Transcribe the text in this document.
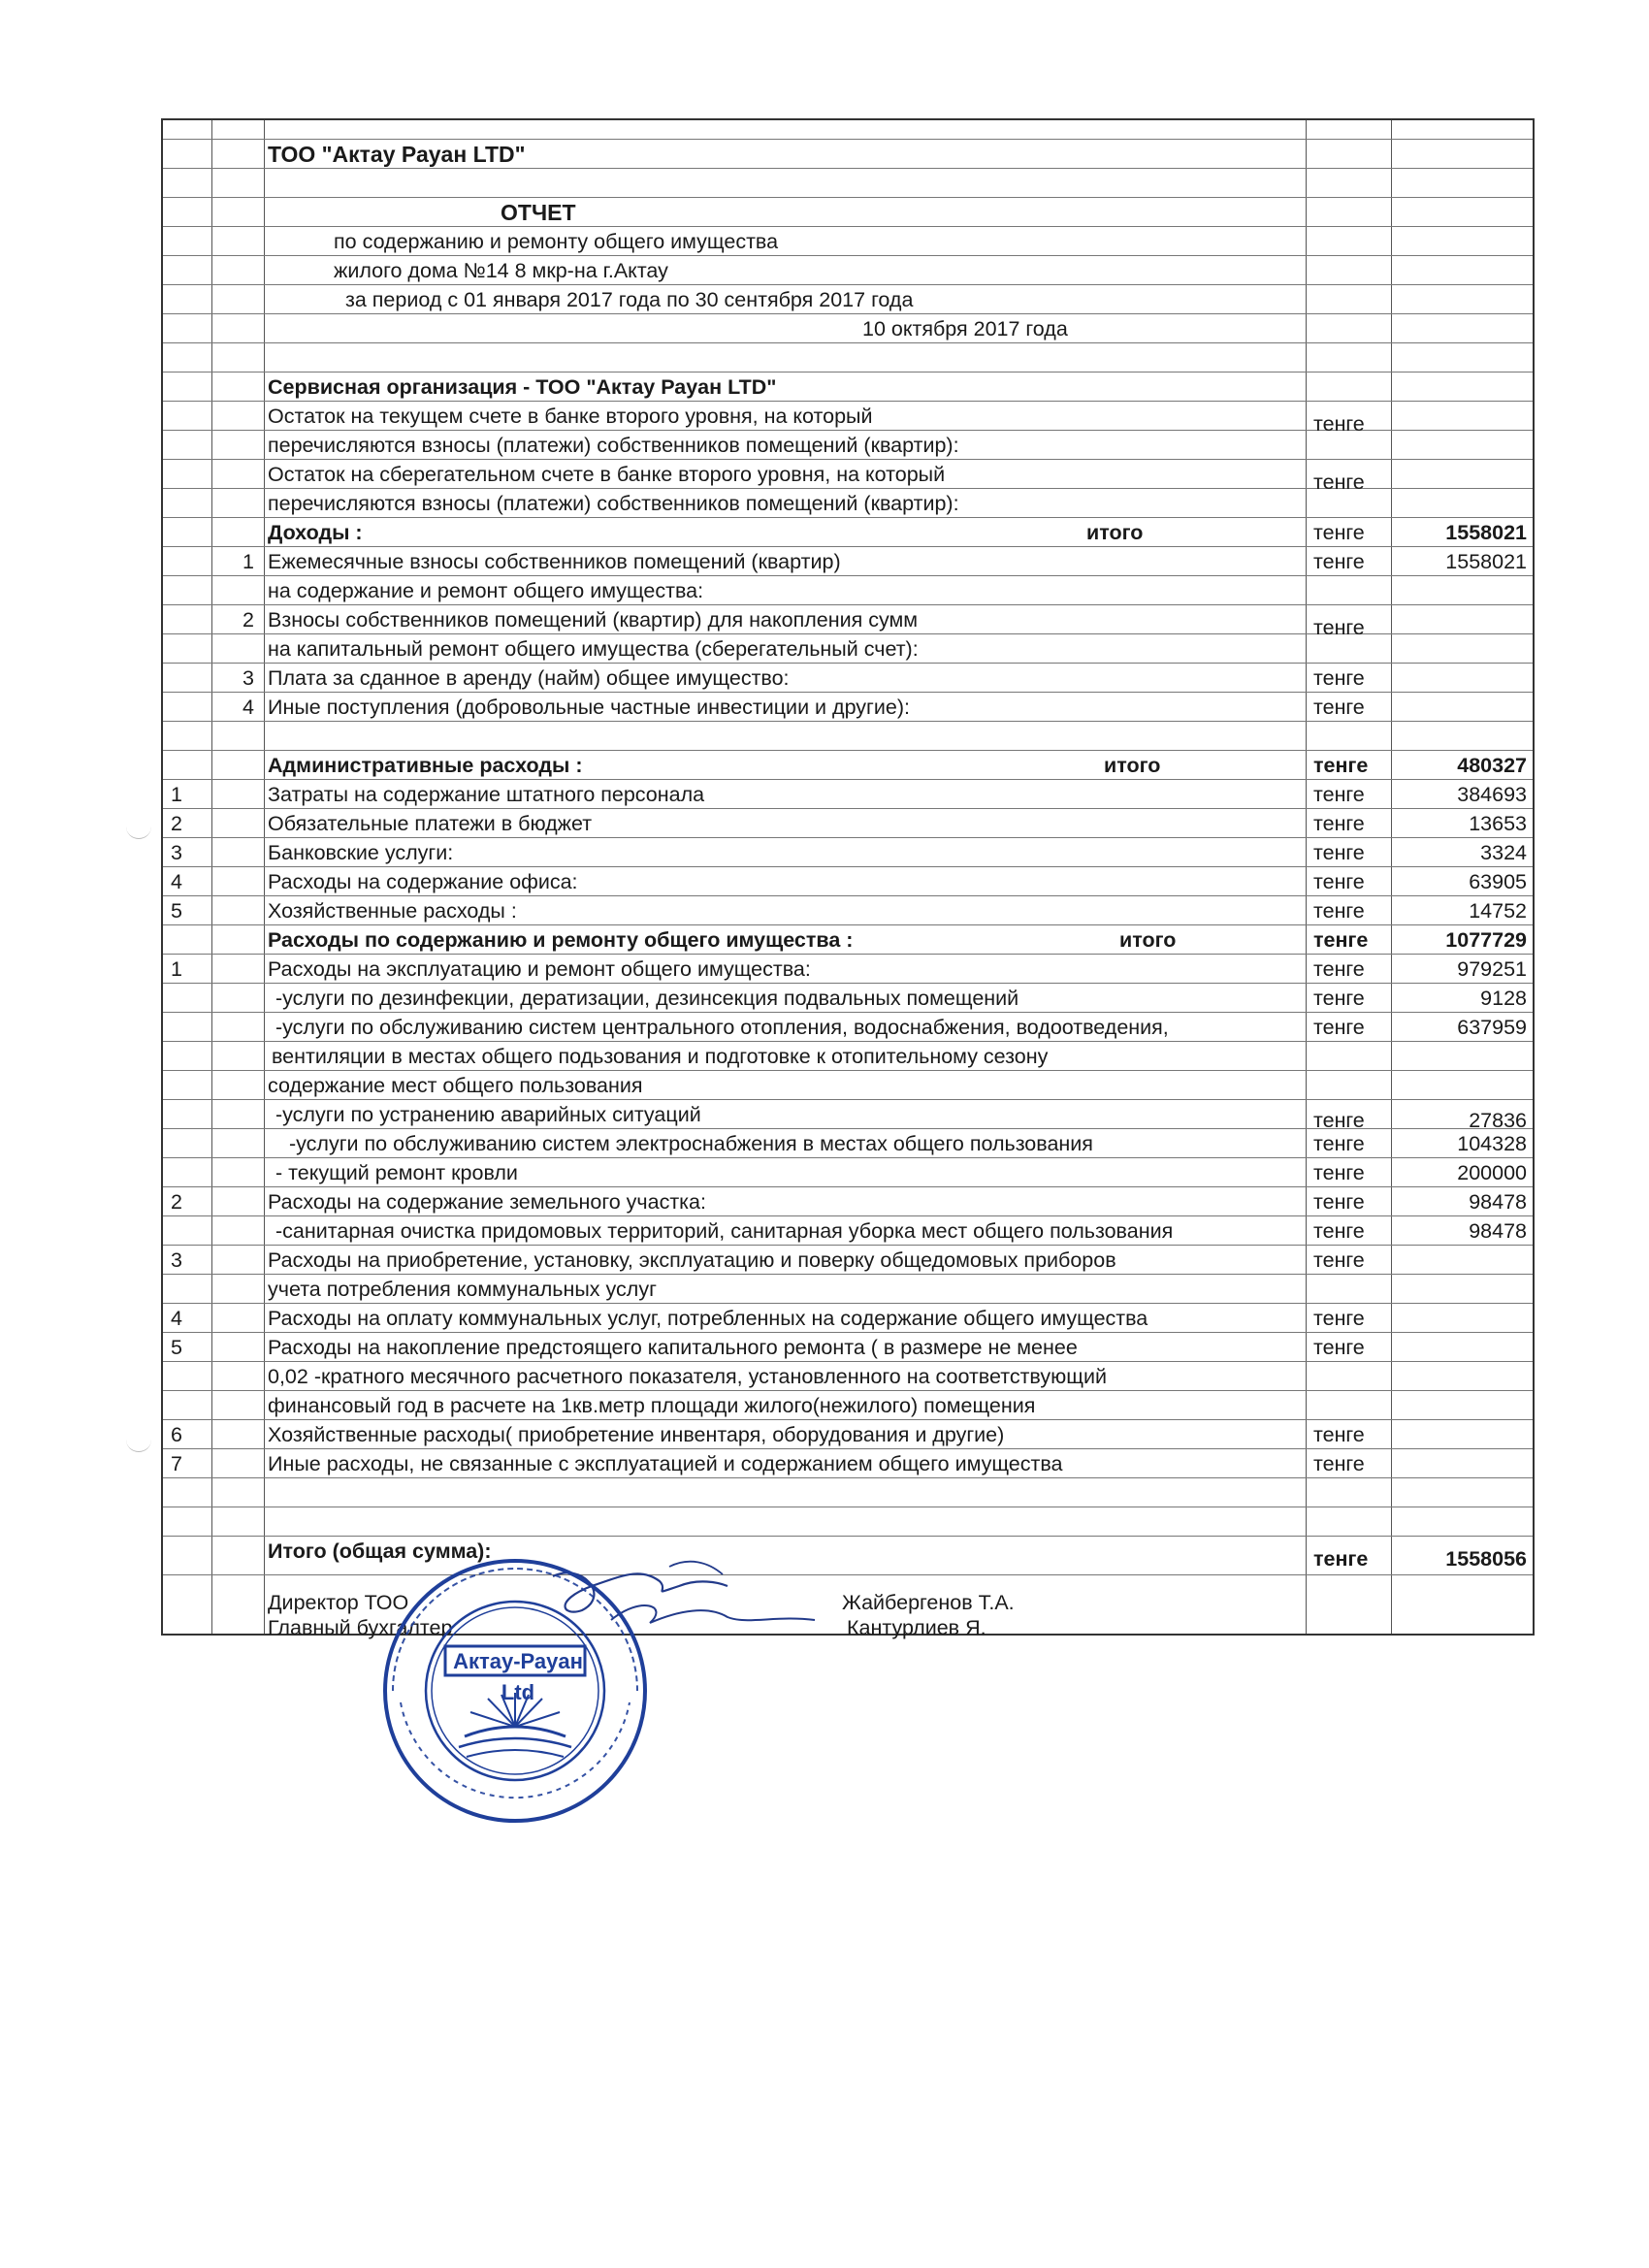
ТОО "Актау Раyан LTD"
ОТЧЕТ
по содержанию и ремонту общего имущества
жилого дома №14 8 мкр-на г.Актау
за период с 01 января 2017 года по 30 сентября 2017 года
10 октября 2017 года
Сервисная организация - ТОО "Актау Раyан LTD"
Остаток на текущем счете в банке второго уровня, на который	тенге
перечисляются взносы (платежи) собственников помещений (квартир):
Остаток на сберегательном счете в банке второго уровня, на который	тенге
перечисляются взносы (платежи) собственников помещений (квартир):
Доходы :	итого	тенге	1558021
1 Ежемесячные взносы собственников помещений (квартир)	тенге	1558021
на содержание и ремонт общего имущества:
2 Взносы собственников помещений (квартир) для накопления сумм	тенге
на капитальный ремонт общего имущества (сберегательный счет):
3 Плата за сданное в аренду (найм) общее имущество:	тенге
4 Иные поступления (добровольные частные инвестиции и другие):	тенге
Административные расходы :	итого	тенге	480327
1	Затраты на содержание штатного персонала	тенге	384693
2	Обязательные платежи в бюджет	тенге	13653
3	Банковские услуги:	тенге	3324
4	Расходы на содержание офиса:	тенге	63905
5	Хозяйственные расходы :	тенге	14752
Расходы по содержанию и ремонту общего имущества :	итого	тенге	1077729
1	Расходы на эксплуатацию и ремонт общего имущества:	тенге	979251
-услуги по дезинфекции, дератизации, дезинсекция подвальных помещений	тенге	9128
-услуги по обслуживанию систем центрального отопления, водоснабжения, водоотведения,	тенге	637959
вентиляции в местах общего подьзования и подготовке к отопительному сезону
содержание мест общего пользования
-услуги по устранению аварийных ситуаций	тенге	27836
-услуги по обслуживанию систем электроснабжения в местах общего пользования	тенге	104328
- текущий ремонт кровли	тенге	200000
2	Расходы на содержание земельного участка:	тенге	98478
-санитарная очистка придомовых территорий, санитарная уборка мест общего пользования	тенге	98478
3	Расходы на приобретение, установку, эксплуатацию и поверку общедомовых приборов	тенге
учета потребления коммунальных услуг
4	Расходы на оплату коммунальных услуг, потребленных на содержание общего имущества	тенге
5	Расходы на накопление предстоящего капитального ремонта ( в размере не менее	тенге
0,02 -кратного месячного расчетного показателя, установленного на соответствующий
финансовый год в расчете на 1кв.метр площади жилого(нежилого) помещения
6	Хозяйственные расходы( приобретение инвентаря, оборудования и другие)	тенге
7	Иные расходы, не связанные с эксплуатацией и содержанием общего имущества	тенге
Итого (общая сумма):	тенге	1558056
Директор ТОО	Жайбергенов Т.А.
Главный бухгалтер	Кантурлиев Я.
Актау-Раyан Ltd
